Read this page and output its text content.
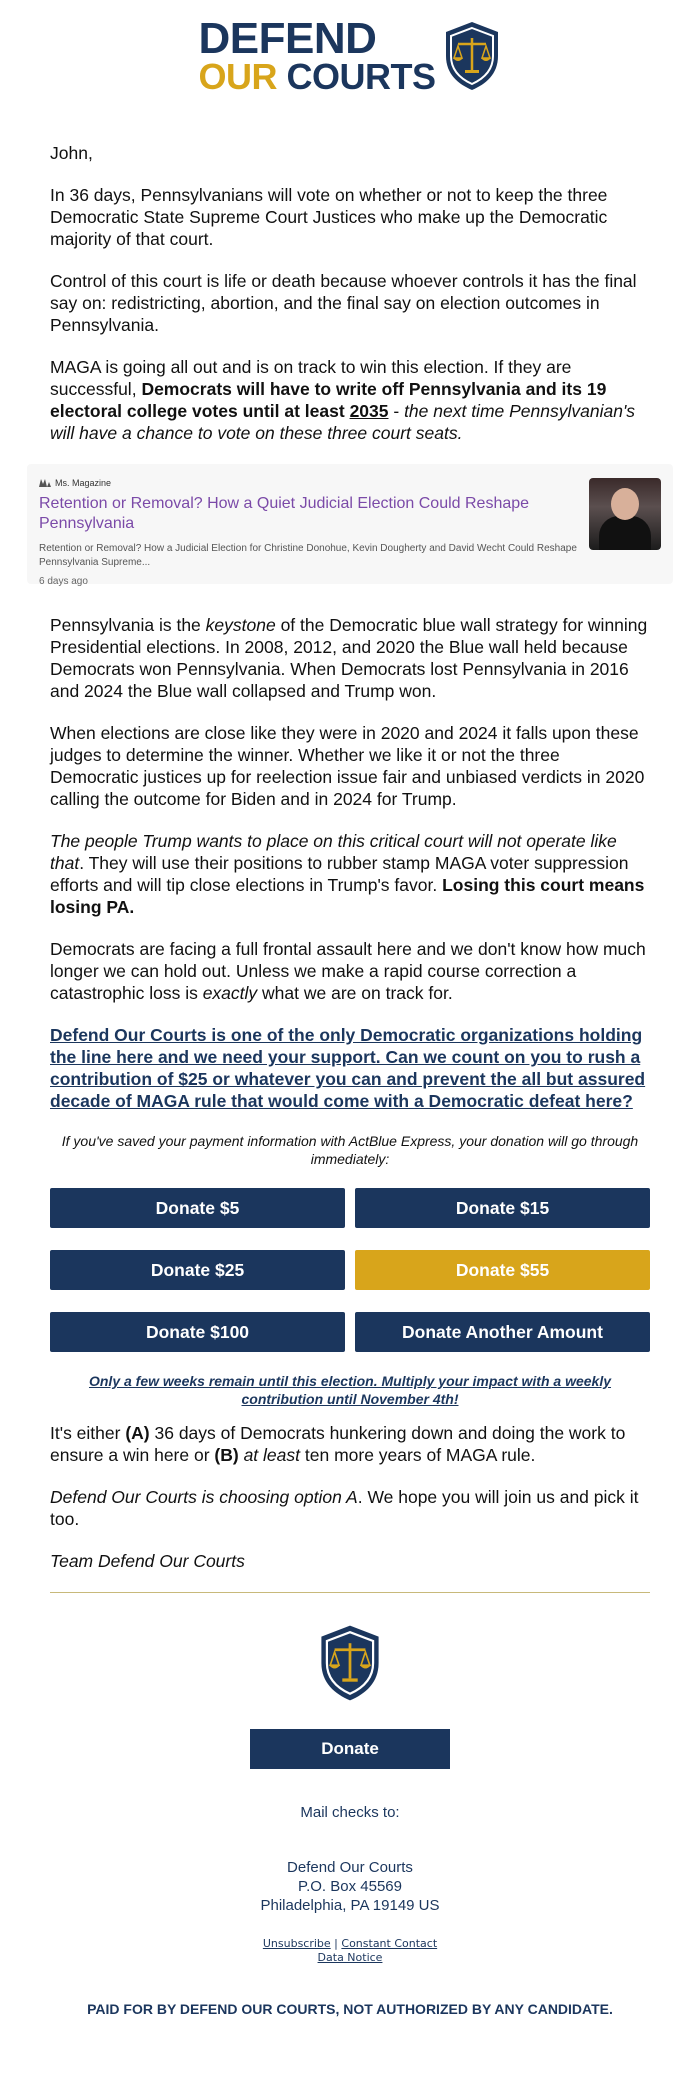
DEFEND
OUR COURTS

John,

In 36 days, Pennsylvanians will vote on whether or not to keep the three Democratic State Supreme Court Justices who make up the Democratic majority of that court.

Control of this court is life or death because whoever controls it has the final say on: redistricting, abortion, and the final say on election outcomes in Pennsylvania.

MAGA is going all out and is on track to win this election. If they are successful, Democrats will have to write off Pennsylvania and its 19 electoral college votes until at least 2035 - the next time Pennsylvanian's will have a chance to vote on these three court seats.

Ms. Magazine
Retention or Removal? How a Quiet Judicial Election Could Reshape Pennsylvania
Retention or Removal? How a Judicial Election for Christine Donohue, Kevin Dougherty and David Wecht Could Reshape Pennsylvania Supreme...
6 days ago

Pennsylvania is the keystone of the Democratic blue wall strategy for winning Presidential elections. In 2008, 2012, and 2020 the Blue wall held because Democrats won Pennsylvania. When Democrats lost Pennsylvania in 2016 and 2024 the Blue wall collapsed and Trump won.

When elections are close like they were in 2020 and 2024 it falls upon these judges to determine the winner. Whether we like it or not the three Democratic justices up for reelection issue fair and unbiased verdicts in 2020 calling the outcome for Biden and in 2024 for Trump.

The people Trump wants to place on this critical court will not operate like that. They will use their positions to rubber stamp MAGA voter suppression efforts and will tip close elections in Trump's favor. Losing this court means losing PA.

Democrats are facing a full frontal assault here and we don't know how much longer we can hold out. Unless we make a rapid course correction a catastrophic loss is exactly what we are on track for.

Defend Our Courts is one of the only Democratic organizations holding the line here and we need your support. Can we count on you to rush a contribution of $25 or whatever you can and prevent the all but assured decade of MAGA rule that would come with a Democratic defeat here?

If you've saved your payment information with ActBlue Express, your donation will go through immediately:

Donate $5	Donate $15
Donate $25	Donate $55
Donate $100	Donate Another Amount
Only a few weeks remain until this election. Multiply your impact with a weekly contribution until November 4th!

It's either (A) 36 days of Democrats hunkering down and doing the work to ensure a win here or (B) at least ten more years of MAGA rule.

Defend Our Courts is choosing option A. We hope you will join us and pick it too.

Team Defend Our Courts

Donate
Mail checks to:
Defend Our Courts
P.O. Box 45569
Philadelphia, PA 19149 US
Unsubscribe | Constant Contact
Data Notice
PAID FOR BY DEFEND OUR COURTS, NOT AUTHORIZED BY ANY CANDIDATE.
